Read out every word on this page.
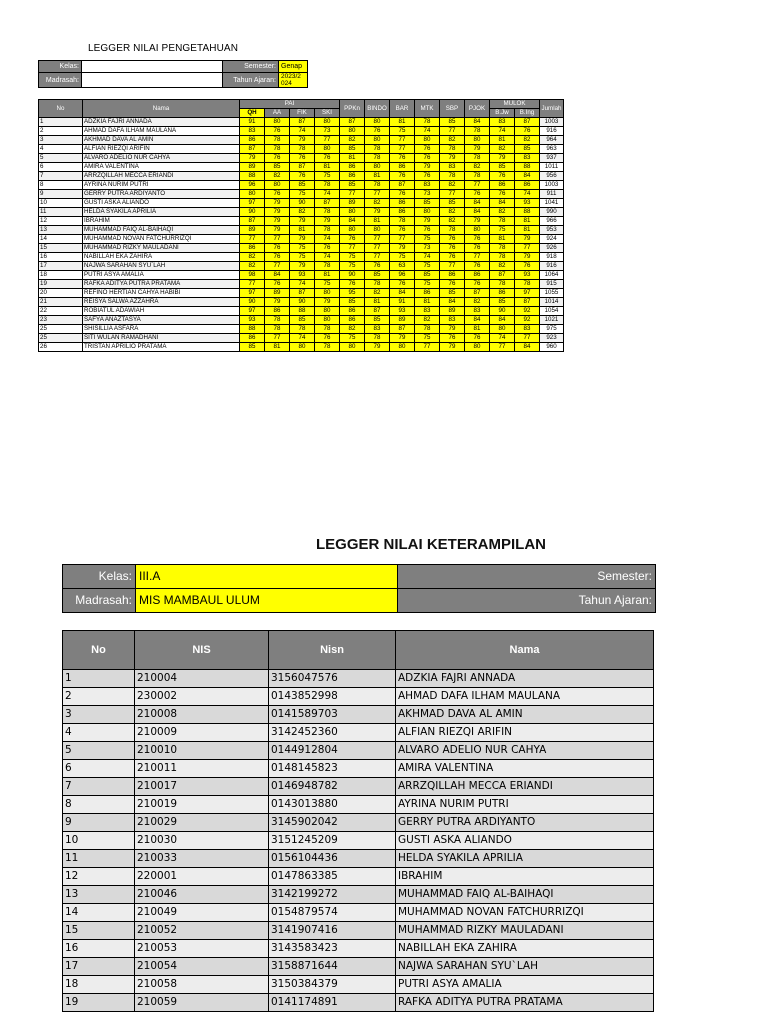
LEGGER NILAI PENGETAHUAN
Kelas:		Semester:	Genap
Madrasah:		Tahun Ajaran:	2023/2 024
No	Nama	PAI				PPKn	BINDO	BAR	MTK	SBP	PJOK	MULOK		Jumlah
		QH	AA	FIK	SKI							B.Jw	B.Ing	
1	ADZKIA FAJRI ANNADA	91	80	87	80	87	80	81	78	85	84	83	87	1003
2	AHMAD DAFA ILHAM MAULANA	83	76	74	73	80	76	75	74	77	78	74	76	916
3	AKHMAD DAVA AL AMIN	86	78	79	77	82	80	77	80	82	80	81	82	964
4	ALFIAN RIEZQI ARIFIN	87	78	78	80	85	78	77	76	78	79	82	85	963
5	ALVARO ADELIO NUR CAHYA	79	76	76	76	81	78	76	76	79	78	79	83	937
6	AMIRA VALENTINA	89	85	87	81	86	80	86	79	83	82	85	88	1011
7	ARRZQILLAH MECCA ERIANDI	88	82	76	75	86	81	76	76	78	78	76	84	956
8	AYRINA NURIM PUTRI	96	80	85	78	85	78	87	83	82	77	86	86	1003
9	GERRY PUTRA ARDIYANTO	80	76	75	74	77	77	76	73	77	76	76	74	911
10	GUSTI ASKA ALIANDO	97	79	90	87	89	82	86	85	85	84	84	93	1041
11	HELDA SYAKILA APRILIA	90	79	82	78	80	79	86	80	82	84	82	88	990
12	IBRAHIM	87	79	79	79	84	81	78	79	82	79	78	81	966
13	MUHAMMAD FAIQ AL-BAIHAQI	89	79	81	78	80	80	76	76	78	80	75	81	953
14	MUHAMMAD NOVAN FATCHURRIZQI	77	77	79	74	76	77	77	75	76	76	81	79	924
15	MUHAMMAD RIZKY MAULADANI	86	76	75	76	77	77	79	73	76	76	78	77	926
16	NABILLAH EKA ZAHIRA	82	76	75	74	75	77	75	74	76	77	78	79	918
17	NAJWA SARAHAN SYU`LAH	82	77	79	78	75	76	63	75	77	76	82	76	916
18	PUTRI ASYA AMALIA	98	84	93	81	90	85	96	85	86	86	87	93	1064
19	RAFKA ADITYA PUTRA PRATAMA	77	76	74	75	76	78	76	75	76	76	78	78	915
20	REFINO HERTIAN CAHYA HABIBI	97	89	87	80	95	82	84	86	85	87	86	97	1055
21	REISYA SALWA AZZAHRA	90	79	90	79	85	81	91	81	84	82	85	87	1014
22	ROBIATUL ADAWIAH	97	86	88	80	86	87	93	83	89	83	90	92	1054
23	SAFYA ANAZTASYA	93	78	85	80	86	85	89	82	83	84	84	92	1021
25	SHISILLIA ASFARA	88	78	78	78	82	83	87	78	79	81	80	83	975
25	SITI WULAN RAMADHANI	86	77	74	76	75	78	79	75	76	76	74	77	923
26	TRISTAN APRILIO PRATAMA	85	81	80	78	80	79	80	77	79	80	77	84	960
LEGGER NILAI KETERAMPILAN
Kelas:	III.A	Semester:
Madrasah:	MIS MAMBAUL ULUM	Tahun Ajaran:
No	NIS	Nisn	Nama
1	210004	3156047576	ADZKIA FAJRI ANNADA
2	230002	0143852998	AHMAD DAFA ILHAM MAULANA
3	210008	0141589703	AKHMAD DAVA AL AMIN
4	210009	3142452360	ALFIAN RIEZQI ARIFIN
5	210010	0144912804	ALVARO ADELIO NUR CAHYA
6	210011	0148145823	AMIRA VALENTINA
7	210017	0146948782	ARRZQILLAH MECCA ERIANDI
8	210019	0143013880	AYRINA NURIM PUTRI
9	210029	3145902042	GERRY PUTRA ARDIYANTO
10	210030	3151245209	GUSTI ASKA ALIANDO
11	210033	0156104436	HELDA SYAKILA APRILIA
12	220001	0147863385	IBRAHIM
13	210046	3142199272	MUHAMMAD FAIQ AL-BAIHAQI
14	210049	0154879574	MUHAMMAD NOVAN FATCHURRIZQI
15	210052	3141907416	MUHAMMAD RIZKY MAULADANI
16	210053	3143583423	NABILLAH EKA ZAHIRA
17	210054	3158871644	NAJWA SARAHAN SYU`LAH
18	210058	3150384379	PUTRI ASYA AMALIA
19	210059	0141174891	RAFKA ADITYA PUTRA PRATAMA
